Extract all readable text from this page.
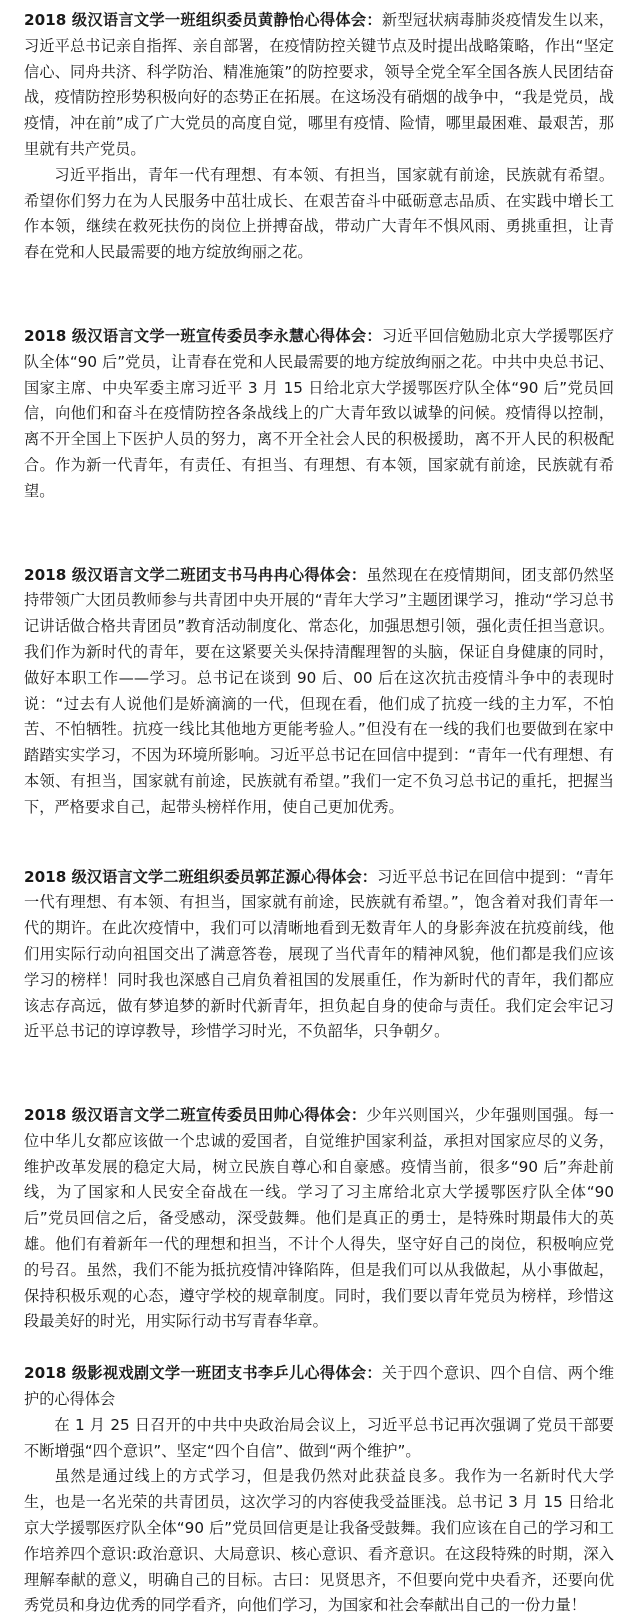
2018 级汉语言文学一班组织委员黄静怡心得体会：新型冠状病毒肺炎疫情发生以来，习近平总书记亲自指挥、亲自部署，在疫情防控关键节点及时提出战略策略，作出“坚定信心、同舟共济、科学防治、精准施策”的防控要求，领导全党全军全国各族人民团结奋战，疫情防控形势积极向好的态势正在拓展。在这场没有硝烟的战争中，“我是党员，战疫情，冲在前”成了广大党员的高度自觉，哪里有疫情、险情，哪里最困难、最艰苦，那里就有共产党员。

习近平指出，青年一代有理想、有本领、有担当，国家就有前途，民族就有希望。希望你们努力在为人民服务中茁壮成长、在艰苦奋斗中砥砺意志品质、在实践中增长工作本领，继续在救死扶伤的岗位上拼搏奋战，带动广大青年不惧风雨、勇挑重担，让青春在党和人民最需要的地方绽放绚丽之花。

2018 级汉语言文学一班宣传委员李永慧心得体会：习近平回信勉励北京大学援鄂医疗队全体“90 后”党员，让青春在党和人民最需要的地方绽放绚丽之花。中共中央总书记、国家主席、中央军委主席习近平 3 月 15 日给北京大学援鄂医疗队全体“90 后”党员回信，向他们和奋斗在疫情防控各条战线上的广大青年致以诚挚的问候。疫情得以控制，离不开全国上下医护人员的努力，离不开全社会人民的积极援助，离不开人民的积极配合。作为新一代青年，有责任、有担当、有理想、有本领，国家就有前途，民族就有希望。

2018 级汉语言文学二班团支书马冉冉心得体会：虽然现在在疫情期间，团支部仍然坚持带领广大团员教师参与共青团中央开展的“青年大学习”主题团课学习，推动“学习总书记讲话做合格共青团员”教育活动制度化、常态化，加强思想引领，强化责任担当意识。我们作为新时代的青年，要在这紧要关头保持清醒理智的头脑，保证自身健康的同时，做好本职工作——学习。总书记在谈到 90 后、00 后在这次抗击疫情斗争中的表现时说：“过去有人说他们是娇滴滴的一代，但现在看，他们成了抗疫一线的主力军，不怕苦、不怕牺牲。抗疫一线比其他地方更能考验人。”但没有在一线的我们也要做到在家中踏踏实实学习，不因为环境所影响。习近平总书记在回信中提到：“青年一代有理想、有本领、有担当，国家就有前途，民族就有希望。”我们一定不负习总书记的重托，把握当下，严格要求自己，起带头榜样作用，使自己更加优秀。

2018 级汉语言文学二班组织委员郭芷源心得体会：习近平总书记在回信中提到：“青年一代有理想、有本领、有担当，国家就有前途，民族就有希望。”，饱含着对我们青年一代的期许。在此次疫情中，我们可以清晰地看到无数青年人的身影奔波在抗疫前线，他们用实际行动向祖国交出了满意答卷，展现了当代青年的精神风貌，他们都是我们应该学习的榜样！同时我也深感自己肩负着祖国的发展重任，作为新时代的青年，我们都应该志存高远，做有梦追梦的新时代新青年，担负起自身的使命与责任。我们定会牢记习近平总书记的谆谆教导，珍惜学习时光，不负韶华，只争朝夕。

2018 级汉语言文学二班宣传委员田帅心得体会：少年兴则国兴，少年强则国强。每一位中华儿女都应该做一个忠诚的爱国者，自觉维护国家利益，承担对国家应尽的义务，维护改革发展的稳定大局，树立民族自尊心和自豪感。疫情当前，很多“90 后”奔赴前线，为了国家和人民安全奋战在一线。学习了习主席给北京大学援鄂医疗队全体“90 后”党员回信之后，备受感动，深受鼓舞。他们是真正的勇士，是特殊时期最伟大的英雄。他们有着新年一代的理想和担当，不计个人得失，坚守好自己的岗位，积极响应党的号召。虽然，我们不能为抵抗疫情冲锋陷阵，但是我们可以从我做起，从小事做起，保持积极乐观的心态，遵守学校的规章制度。同时，我们要以青年党员为榜样，珍惜这段最美好的时光，用实际行动书写青春华章。

2018 级影视戏剧文学一班团支书李乒儿心得体会：关于四个意识、四个自信、两个维护的心得体会

在 1 月 25 日召开的中共中央政治局会议上，习近平总书记再次强调了党员干部要不断增强“四个意识”、坚定“四个自信”、做到“两个维护”。

虽然是通过线上的方式学习，但是我仍然对此获益良多。我作为一名新时代大学生，也是一名光荣的共青团员，这次学习的内容使我受益匪浅。总书记 3 月 15 日给北京大学援鄂医疗队全体“90 后”党员回信更是让我备受鼓舞。我们应该在自己的学习和工作培养四个意识:政治意识、大局意识、核心意识、看齐意识。在这段特殊的时期，深入理解奉献的意义，明确自己的目标。古曰：见贤思齐，不但要向党中央看齐，还要向优秀党员和身边优秀的同学看齐，向他们学习，为国家和社会奉献出自己的一份力量！
